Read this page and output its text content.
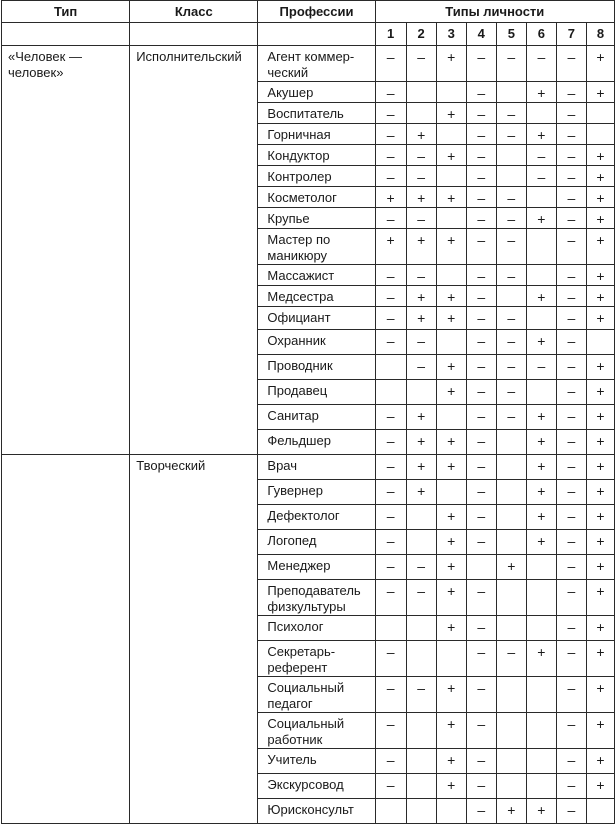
Тип	Класс	Профессии	Типы личности							
			1	2	3	4	5	6	7	8
«Человек — человек»	Исполнительский	Агент коммерческий	–	–	+	–	–	–	–	+
		Акушер	–			–		+	–	+
		Воспитатель	–		+	–	–		–	
		Горничная	–	+		–	–	+	–	
		Кондуктор	–	–	+	–		–	–	+
		Контролер	–	–		–		–	–	+
		Косметолог	+	+	+	–	–		–	+
		Крупье	–	–		–	–	+	–	+
		Мастер по маникюру	+	+	+	–	–		–	+
		Массажист	–	–		–	–		–	+
		Медсестра	–	+	+	–		+	–	+
		Официант	–	+	+	–	–		–	+
		Охранник	–	–		–	–	+	–	
		Проводник		–	+	–	–	–	–	+
		Продавец			+	–	–		–	+
		Санитар	–	+		–	–	+	–	+
		Фельдшер	–	+	+	–		+	–	+
	Творческий	Врач	–	+	+	–		+	–	+
		Гувернер	–	+		–		+	–	+
		Дефектолог	–		+	–		+	–	+
		Логопед	–		+	–		+	–	+
		Менеджер	–	–	+		+		–	+
		Преподаватель физкультуры	–	–	+	–			–	+
		Психолог			+	–			–	+
		Секретарь-референт	–			–	–	+	–	+
		Социальный педагог	–	–	+	–			–	+
		Социальный работник	–		+	–			–	+
		Учитель	–		+	–			–	+
		Экскурсовод	–		+	–			–	+
		Юрисконсульт				–	+	+	–	
